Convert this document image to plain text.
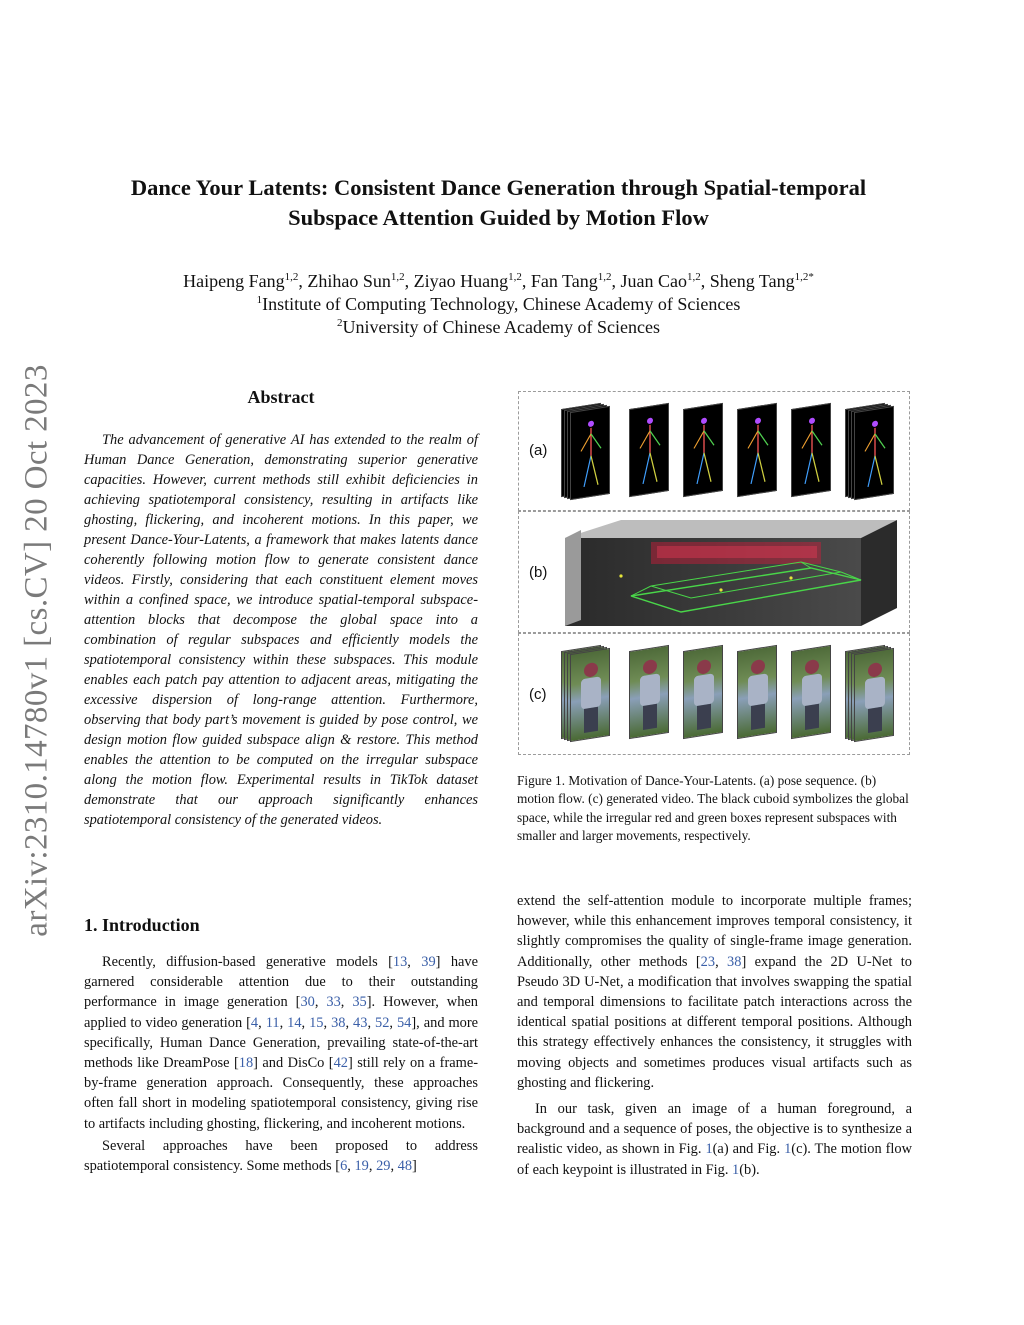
arXiv:2310.14780v1 [cs.CV] 20 Oct 2023
Dance Your Latents: Consistent Dance Generation through Spatial-temporal
Subspace Attention Guided by Motion Flow
Haipeng Fang$^{1,2}$, Zhihao Sun$^{1,2}$, Ziyao Huang$^{1,2}$, Fan Tang$^{1,2}$, Juan Cao$^{1,2}$, Sheng Tang$^{1,2*}$
$^1$Institute of Computing Technology, Chinese Academy of Sciences
$^2$University of Chinese Academy of Sciences
Abstract
The advancement of generative AI has extended to the realm of Human Dance Generation, demonstrating superior generative capacities. However, current methods still exhibit deficiencies in achieving spatiotemporal consistency, resulting in artifacts like ghosting, flickering, and incoherent motions. In this paper, we present Dance-Your-Latents, a framework that makes latents dance coherently following motion flow to generate consistent dance videos. Firstly, considering that each constituent element moves within a confined space, we introduce spatial-temporal subspace-attention blocks that decompose the global space into a combination of regular subspaces and efficiently models the spatiotemporal consistency within these subspaces. This module enables each patch pay attention to adjacent areas, mitigating the excessive dispersion of long-range attention. Furthermore, observing that body part’s movement is guided by pose control, we design motion flow guided subspace align & restore. This method enables the attention to be computed on the irregular subspace along the motion flow. Experimental results in TikTok dataset demonstrate that our approach significantly enhances spatiotemporal consistency of the generated videos.
(a)
(b)
(c)
Figure 1. Motivation of Dance-Your-Latents. (a) pose sequence. (b) motion flow. (c) generated video. The black cuboid symbolizes the global space, while the irregular red and green boxes represent subspaces with smaller and larger movements, respectively.
1. Introduction

Recently, diffusion-based generative models [13, 39] have garnered considerable attention due to their outstanding performance in image generation [30, 33, 35]. However, when applied to video generation [4, 11, 14, 15, 38, 43, 52, 54], and more specifically, Human Dance Generation, prevailing state-of-the-art methods like DreamPose [18] and DisCo [42] still rely on a frame-by-frame generation approach. Consequently, these approaches often fall short in modeling spatiotemporal consistency, giving rise to artifacts including ghosting, flickering, and incoherent motions.

Several approaches have been proposed to address spatiotemporal consistency. Some methods [6, 19, 29, 48]

extend the self-attention module to incorporate multiple frames; however, while this enhancement improves temporal consistency, it slightly compromises the quality of single-frame image generation. Additionally, other methods [23, 38] expand the 2D U-Net to Pseudo 3D U-Net, a modification that involves swapping the spatial and temporal dimensions to facilitate patch interactions across the identical spatial positions at different temporal positions. Although this strategy effectively enhances the consistency, it struggles with moving objects and sometimes produces visual artifacts such as ghosting and flickering.

In our task, given an image of a human foreground, a background and a sequence of poses, the objective is to synthesize a realistic video, as shown in Fig. 1(a) and Fig. 1(c). The motion flow of each keypoint is illustrated in Fig. 1(b).
